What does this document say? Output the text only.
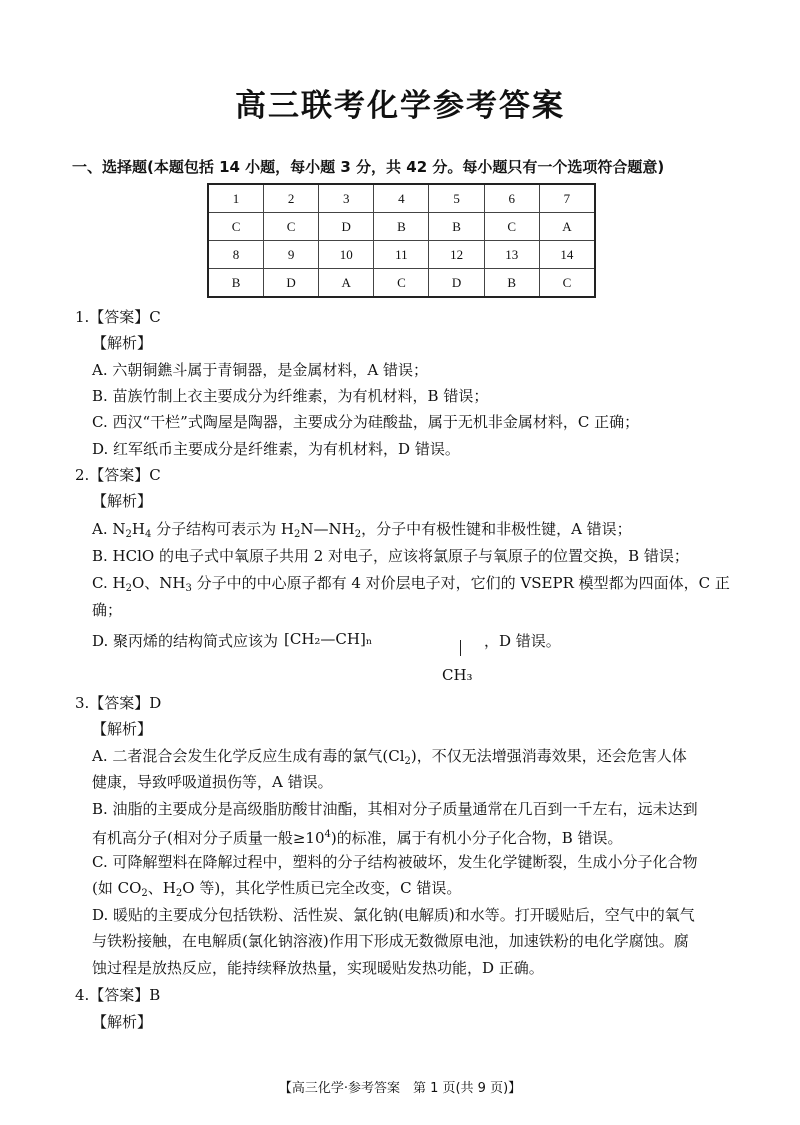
高三联考化学参考答案
一、选择题(本题包括 14 小题，每小题 3 分，共 42 分。每小题只有一个选项符合题意)
1	2	3	4	5	6	7
C	C	D	B	B	C	A
8	9	10	11	12	13	14
B	D	A	C	D	B	C
1.【答案】C
【解析】
A. 六朝铜鐎斗属于青铜器，是金属材料，A 错误；
B. 苗族竹制上衣主要成分为纤维素，为有机材料，B 错误；
C. 西汉“干栏”式陶屋是陶器，主要成分为硅酸盐，属于无机非金属材料，C 正确；
D. 红军纸币主要成分是纤维素，为有机材料，D 错误。
2.【答案】C
【解析】
A. $N_2H_4$ 分子结构可表示为 $H_2N—NH_2$，分子中有极性键和非极性键，A 错误；
B. HClO 的电子式中氧原子共用 2 对电子，应该将氯原子与氧原子的位置交换，B 错误；
C. $H_2O$、$NH_3$ 分子中的中心原子都有 4 对价层电子对，它们的 VSEPR 模型都为四面体，C 正
确；
D. 聚丙烯的结构简式应该为 [CH₂—CH]ₙ
CH₃
，D 错误。
3.【答案】D
【解析】
A. 二者混合会发生化学反应生成有毒的氯气$(Cl_2)$，不仅无法增强消毒效果，还会危害人体
健康，导致呼吸道损伤等，A 错误。
B. 油脂的主要成分是高级脂肪酸甘油酯，其相对分子质量通常在几百到一千左右，远未达到
有机高分子(相对分子质量一般$\ge 10^4$)的标准，属于有机小分子化合物，B 错误。
C. 可降解塑料在降解过程中，塑料的分子结构被破坏，发生化学键断裂，生成小分子化合物
(如 $CO_2$、$H_2O$ 等)，其化学性质已完全改变，C 错误。
D. 暖贴的主要成分包括铁粉、活性炭、氯化钠(电解质)和水等。打开暖贴后，空气中的氧气
与铁粉接触，在电解质(氯化钠溶液)作用下形成无数微原电池，加速铁粉的电化学腐蚀。腐
蚀过程是放热反应，能持续释放热量，实现暖贴发热功能，D 正确。
4.【答案】B
【解析】
【高三化学·参考答案　第 1 页(共 9 页)】
